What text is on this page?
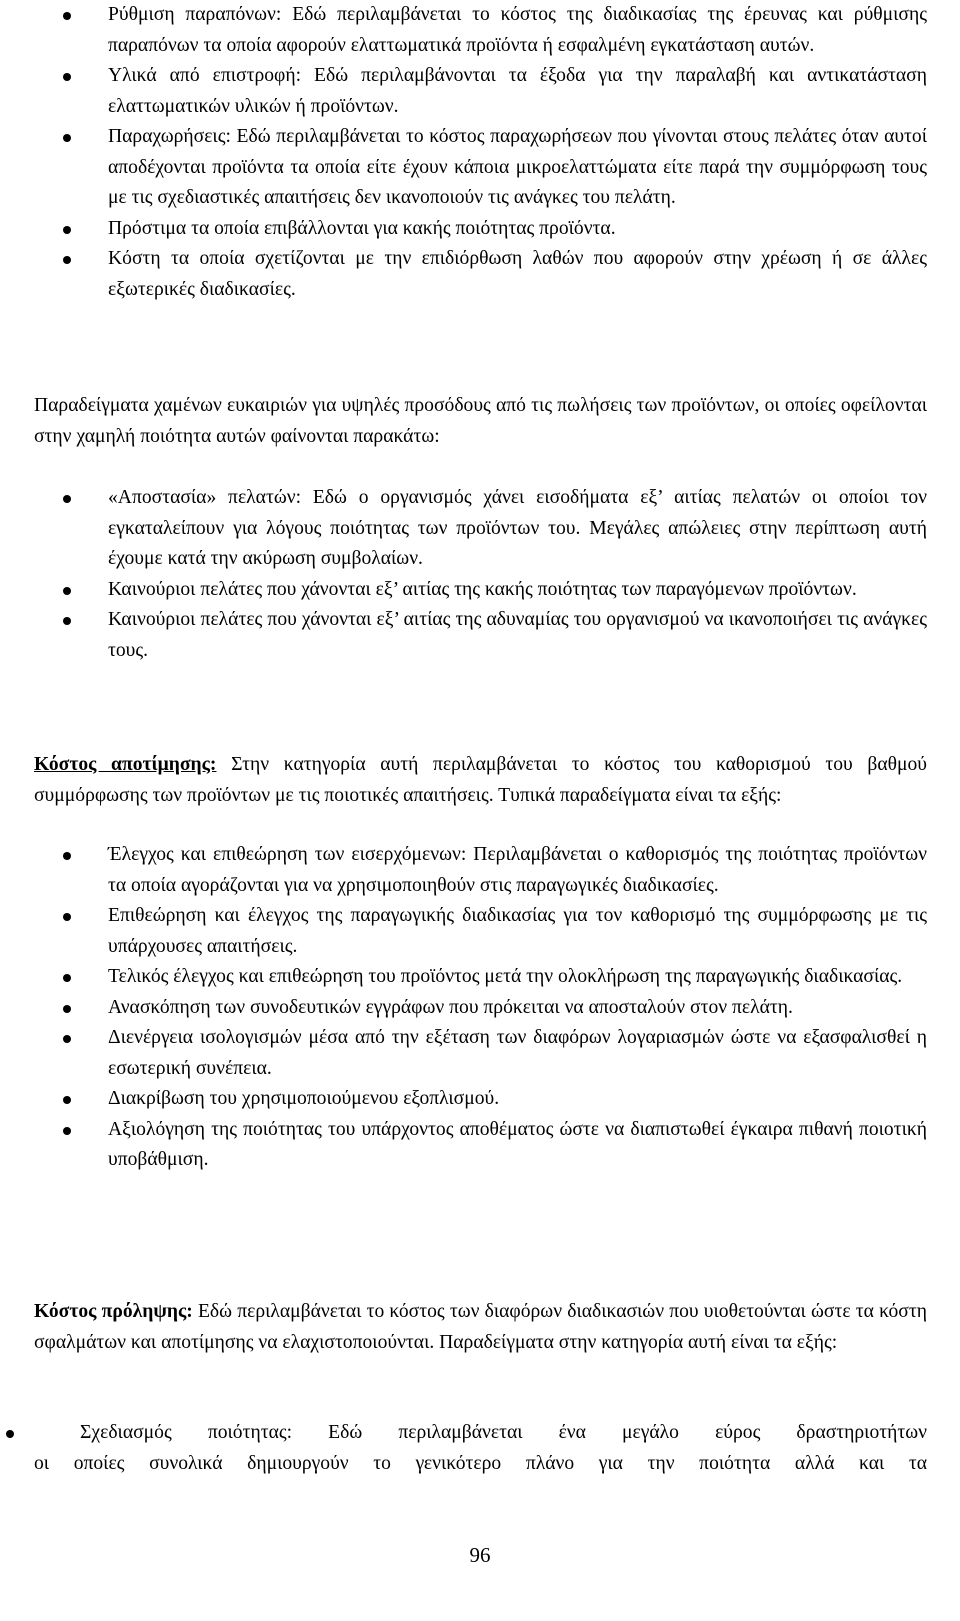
Ρύθμιση παραπόνων: Εδώ περιλαμβάνεται το κόστος της διαδικασίας της έρευνας και ρύθμισης παραπόνων τα οποία αφορούν ελαττωματικά προϊόντα ή εσφαλμένη εγκατάσταση αυτών.
Υλικά από επιστροφή: Εδώ περιλαμβάνονται τα έξοδα για την παραλαβή και αντικατάσταση ελαττωματικών υλικών ή προϊόντων.
Παραχωρήσεις: Εδώ περιλαμβάνεται το κόστος παραχωρήσεων που γίνονται στους πελάτες όταν αυτοί αποδέχονται προϊόντα τα οποία είτε έχουν κάποια μικροελαττώματα είτε παρά την συμμόρφωση τους με τις σχεδιαστικές απαιτήσεις δεν ικανοποιούν τις ανάγκες του πελάτη.
Πρόστιμα τα οποία επιβάλλονται για κακής ποιότητας προϊόντα.
Κόστη τα οποία σχετίζονται με την επιδιόρθωση λαθών που αφορούν στην χρέωση ή σε άλλες εξωτερικές διαδικασίες.

Παραδείγματα χαμένων ευκαιριών για υψηλές προσόδους από τις πωλήσεις των προϊόντων, οι οποίες οφείλονται στην χαμηλή ποιότητα αυτών φαίνονται παρακάτω:

«Αποστασία» πελατών: Εδώ ο οργανισμός χάνει εισοδήματα εξ’ αιτίας πελατών οι οποίοι τον εγκαταλείπουν για λόγους ποιότητας των προϊόντων του. Μεγάλες απώλειες στην περίπτωση αυτή έχουμε κατά την ακύρωση συμβολαίων.
Καινούριοι πελάτες που χάνονται εξ’ αιτίας της κακής ποιότητας των παραγόμενων προϊόντων.
Καινούριοι πελάτες που χάνονται εξ’ αιτίας της αδυναμίας του οργανισμού να ικανοποιήσει τις ανάγκες τους.

Κόστος αποτίμησης: Στην κατηγορία αυτή περιλαμβάνεται το κόστος του καθορισμού του βαθμού συμμόρφωσης των προϊόντων με τις ποιοτικές απαιτήσεις. Τυπικά παραδείγματα είναι τα εξής:

Έλεγχος και επιθεώρηση των εισερχόμενων: Περιλαμβάνεται ο καθορισμός της ποιότητας προϊόντων τα οποία αγοράζονται για να χρησιμοποιηθούν στις παραγωγικές διαδικασίες.
Επιθεώρηση και έλεγχος της παραγωγικής διαδικασίας για τον καθορισμό της συμμόρφωσης με τις υπάρχουσες απαιτήσεις.
Τελικός έλεγχος και επιθεώρηση του προϊόντος μετά την ολοκλήρωση της παραγωγικής διαδικασίας.
Ανασκόπηση των συνοδευτικών εγγράφων που πρόκειται να αποσταλούν στον πελάτη.
Διενέργεια ισολογισμών μέσα από την εξέταση των διαφόρων λογαριασμών ώστε να εξασφαλισθεί η εσωτερική συνέπεια.
Διακρίβωση του χρησιμοποιούμενου εξοπλισμού.
Αξιολόγηση της ποιότητας του υπάρχοντος αποθέματος ώστε να διαπιστωθεί έγκαιρα πιθανή ποιοτική υποβάθμιση.

Κόστος πρόληψης: Εδώ περιλαμβάνεται το κόστος των διαφόρων διαδικασιών που υιοθετούνται ώστε τα κόστη σφαλμάτων και αποτίμησης να ελαχιστοποιούνται. Παραδείγματα στην κατηγορία αυτή είναι τα εξής:

Σχεδιασμός ποιότητας: Εδώ περιλαμβάνεται ένα μεγάλο εύρος δραστηριοτήτων
οι οποίες συνολικά δημιουργούν το γενικότερο πλάνο για την ποιότητα αλλά και τα
96
